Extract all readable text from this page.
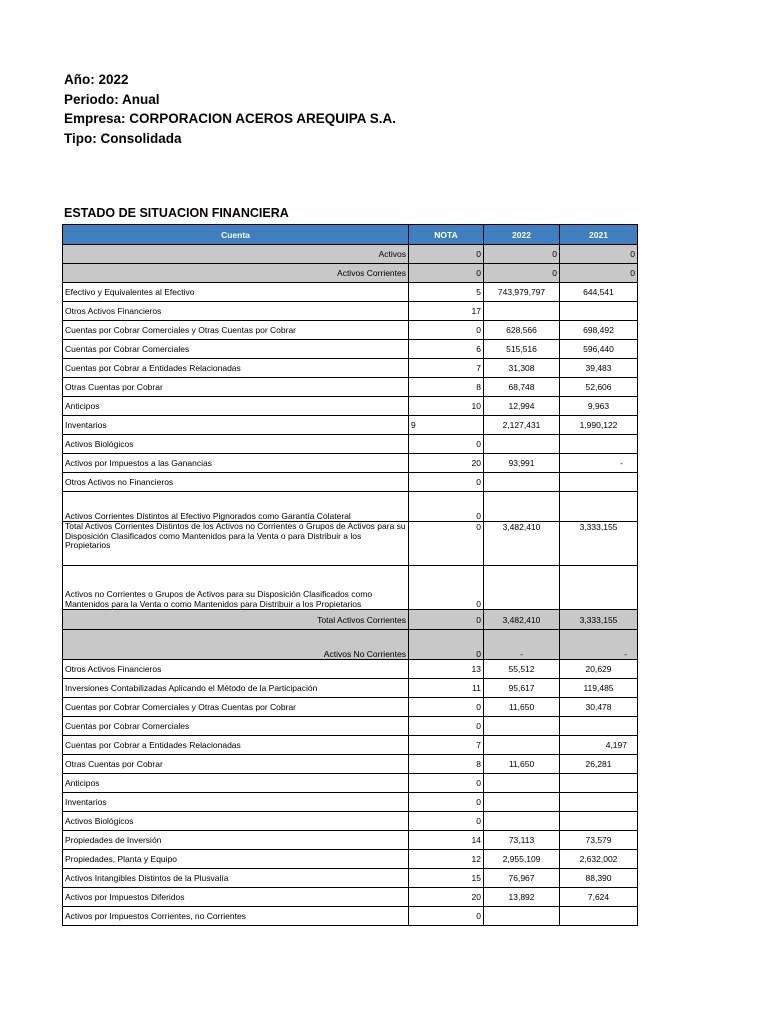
Año: 2022
Periodo: Anual
Empresa: CORPORACION ACEROS AREQUIPA S.A.
Tipo: Consolidada
ESTADO DE SITUACION FINANCIERA
Cuenta	NOTA	2022	2021
Activos	0	0	0
Activos Corrientes	0	0	0
Efectivo y Equivalentes al Efectivo	5	743,979,797	644,541
Otros Activos Financieros	17		
Cuentas por Cobrar Comerciales y Otras Cuentas por Cobrar	0	628,566	698,492
Cuentas por Cobrar Comerciales	6	515,516	596,440
Cuentas por Cobrar a Entidades Relacionadas	7	31,308	39,483
Otras Cuentas por Cobrar	8	68,748	52,606
Anticipos	10	12,994	9,963
Inventarios	9	2,127,431	1,990,122
Activos Biológicos	0		
Activos por Impuestos a las Ganancias	20	93,991	-
Otros Activos no Financieros	0		
Activos Corrientes Distintos al Efectivo Pignorados como Garantía Colateral	0		
Total Activos Corrientes Distintos de los Activos no Corrientes o Grupos de Activos para su Disposición Clasificados como Mantenidos para la Venta o para Distribuir a los Propietarios	0	3,482,410	3,333,155
Activos no Corrientes o Grupos de Activos para su Disposición Clasificados como Mantenidos para la Venta o como Mantenidos para Distribuir a los Propietarios	0		
Total Activos Corrientes	0	3,482,410	3,333,155
Activos No Corrientes	0	-	-
Otros Activos Financieros	13	55,512	20,629
Inversiones Contabilizadas Aplicando el Método de la Participación	11	95,617	119,485
Cuentas por Cobrar Comerciales y Otras Cuentas por Cobrar	0	11,650	30,478
Cuentas por Cobrar Comerciales	0		
Cuentas por Cobrar a Entidades Relacionadas	7		4,197
Otras Cuentas por Cobrar	8	11,650	26,281
Anticipos	0		
Inventarios	0		
Activos Biológicos	0		
Propiedades de Inversión	14	73,113	73,579
Propiedades, Planta y Equipo	12	2,955,109	2,632,002
Activos Intangibles Distintos de la Plusvalía	15	76,967	88,390
Activos por Impuestos Diferidos	20	13,892	7,624
Activos por Impuestos Corrientes, no Corrientes	0		
